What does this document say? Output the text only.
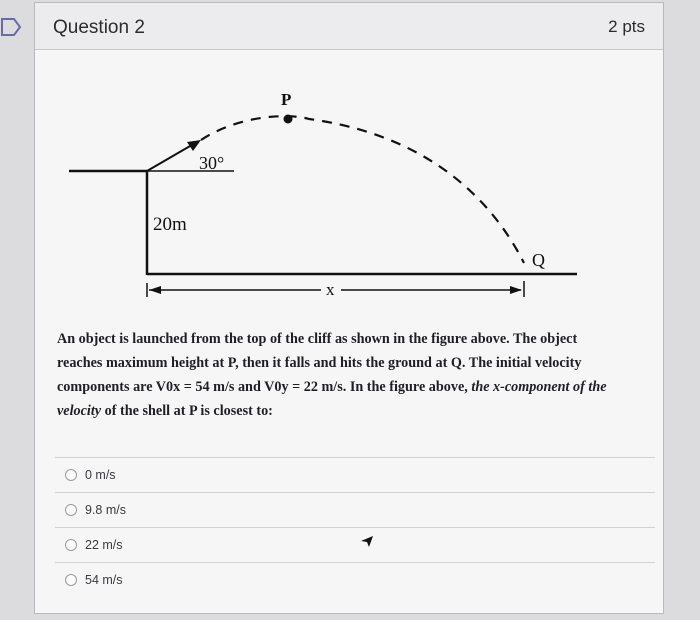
Question 2	2 pts
P
30°
20m
Q
x
An object is launched from the top of the cliff as shown in the figure above. The object
reaches maximum height at P, then it falls and hits the ground at Q. The initial velocity
components are V0x = 54 m/s and V0y = 22 m/s. In the figure above, the x-component of the
velocity of the shell at P is closest to:
0 m/s
9.8 m/s
22 m/s
54 m/s
